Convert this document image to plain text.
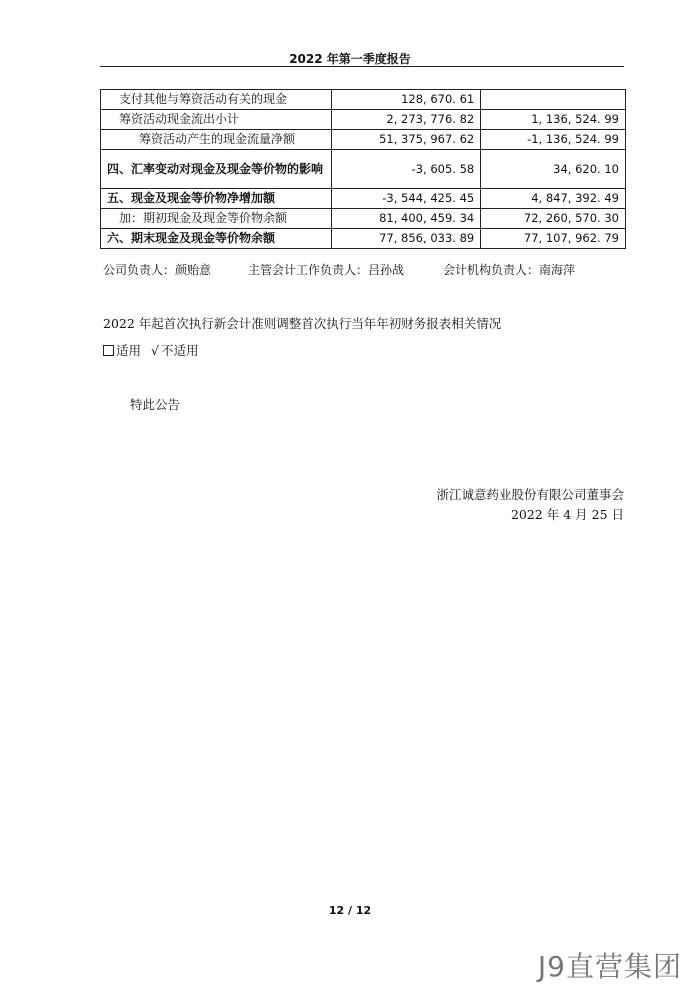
2022 年第一季度报告
支付其他与筹资活动有关的现金	128, 670. 61	
筹资活动现金流出小计	2, 273, 776. 82	1, 136, 524. 99
筹资活动产生的现金流量净额	51, 375, 967. 62	-1, 136, 524. 99
四、汇率变动对现金及现金等价物的影响	-3, 605. 58	34, 620. 10
五、现金及现金等价物净增加额	-3, 544, 425. 45	4, 847, 392. 49
加：期初现金及现金等价物余额	81, 400, 459. 34	72, 260, 570. 30
六、期末现金及现金等价物余额	77, 856, 033. 89	77, 107, 962. 79
公司负责人：颜贻意	主管会计工作负责人：吕孙战	会计机构负责人：南海萍
2022 年起首次执行新会计准则调整首次执行当年年初财务报表相关情况
适用 √ 不适用
特此公告
浙江诚意药业股份有限公司董事会
2022 年 4 月 25 日
12 / 12
J9直营集团
